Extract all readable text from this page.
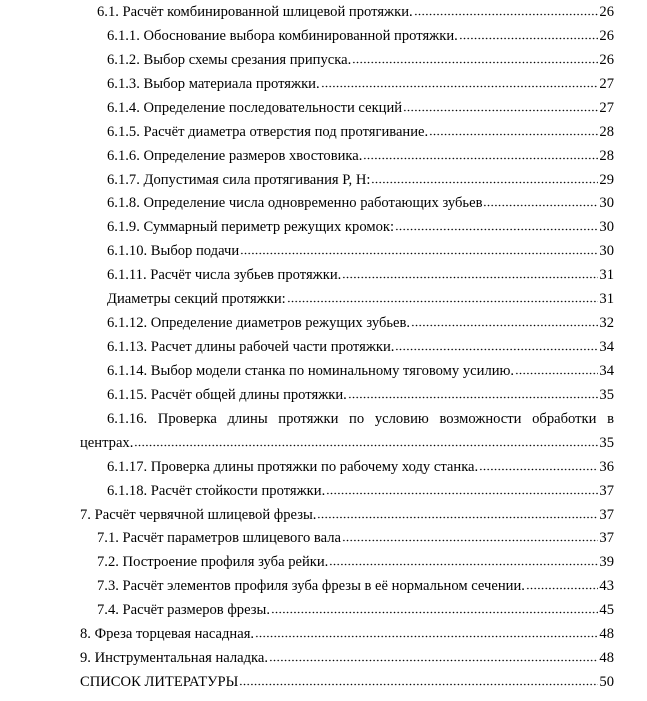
6.1. Расчёт комбинированной шлицевой протяжки.	26
6.1.1. Обоснование выбора комбинированной протяжки.	26
6.1.2. Выбор схемы срезания припуска.	26
6.1.3. Выбор материала протяжки.	27
6.1.4. Определение последовательности секций	27
6.1.5. Расчёт диаметра отверстия под протягивание.	28
6.1.6. Определение размеров хвостовика.	28
6.1.7. Допустимая сила протягивания Р, Н:	29
6.1.8. Определение числа одновременно работающих зубьев	30
6.1.9. Суммарный периметр режущих кромок:	30
6.1.10. Выбор подачи	30
6.1.11. Расчёт числа зубьев протяжки.	31
Диаметры секций протяжки:	31
6.1.12. Определение диаметров режущих зубьев.	32
6.1.13. Расчет длины рабочей части протяжки.	34
6.1.14. Выбор модели станка по номинальному тяговому усилию.	34
6.1.15. Расчёт общей длины протяжки.	35
6.1.16. Проверка длины протяжки по условию возможности обработки в
центрах.	35
6.1.17. Проверка длины протяжки по рабочему ходу станка.	36
6.1.18. Расчёт стойкости протяжки.	37
7. Расчёт червячной шлицевой фрезы.	37
7.1. Расчёт параметров шлицевого вала	37
7.2. Построение профиля зуба рейки.	39
7.3. Расчёт элементов профиля зуба фрезы в её нормальном сечении.	43
7.4. Расчёт размеров фрезы.	45
8. Фреза торцевая насадная.	48
9. Инструментальная наладка.	48
СПИСОК ЛИТЕРАТУРЫ	50
